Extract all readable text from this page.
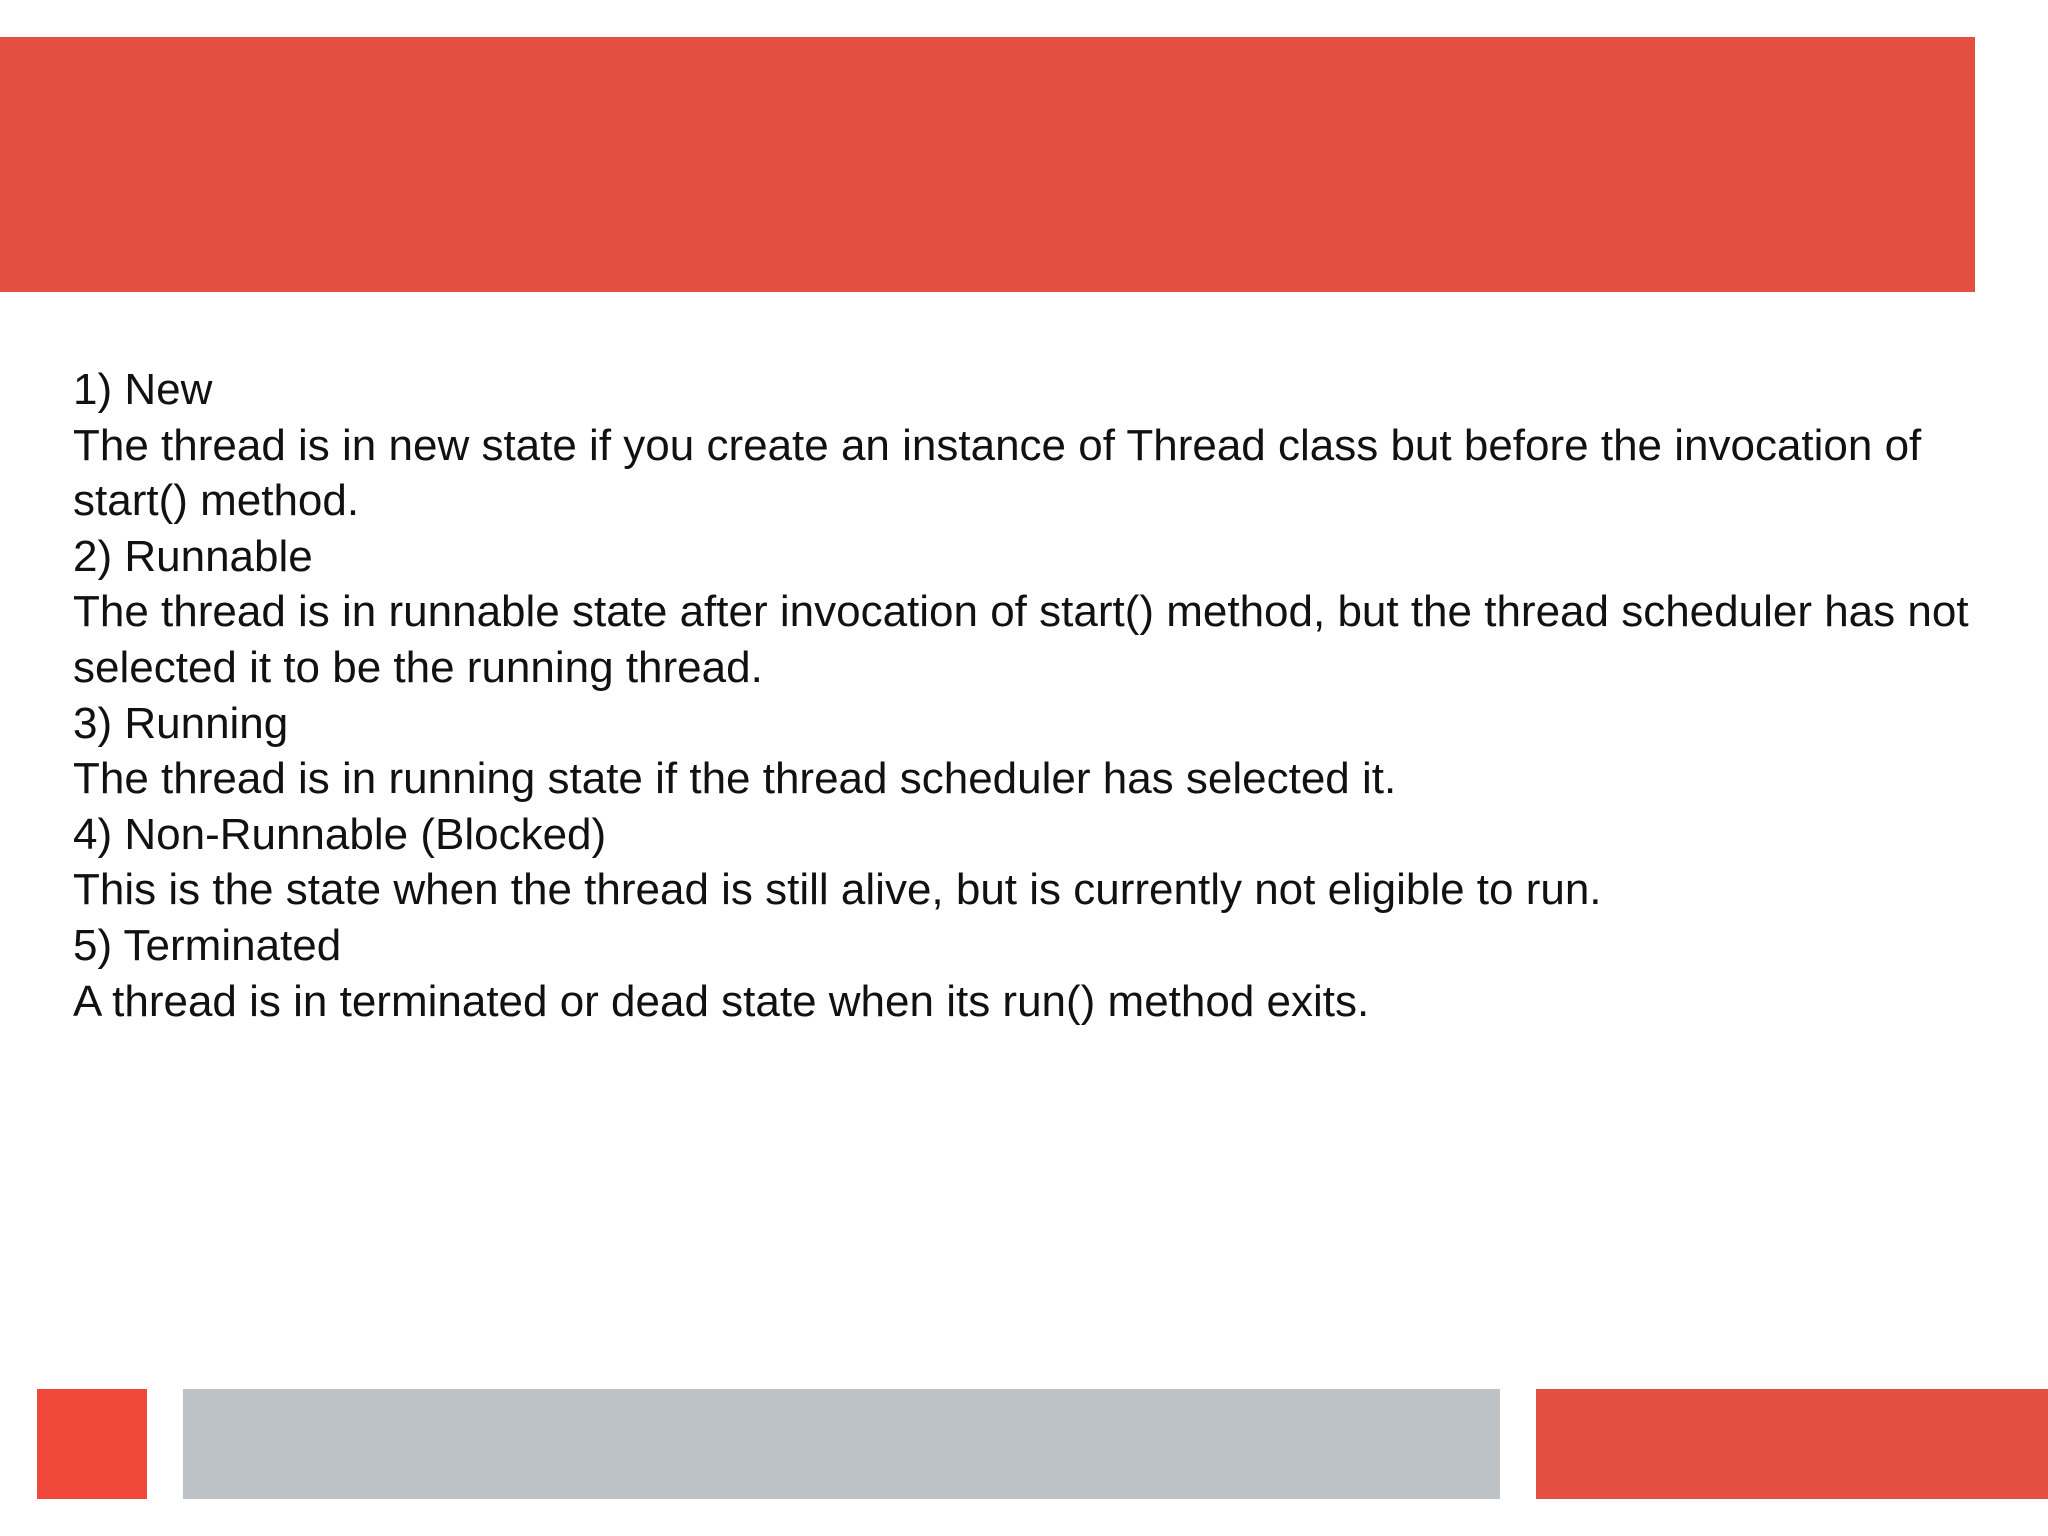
1) New

The thread is in new state if you create an instance of Thread class but before the invocation of start() method.

2) Runnable

The thread is in runnable state after invocation of start() method, but the thread scheduler has not selected it to be the running thread.

3) Running

The thread is in running state if the thread scheduler has selected it.

4) Non-Runnable (Blocked)

This is the state when the thread is still alive, but is currently not eligible to run.

5) Terminated

A thread is in terminated or dead state when its run() method exits.
